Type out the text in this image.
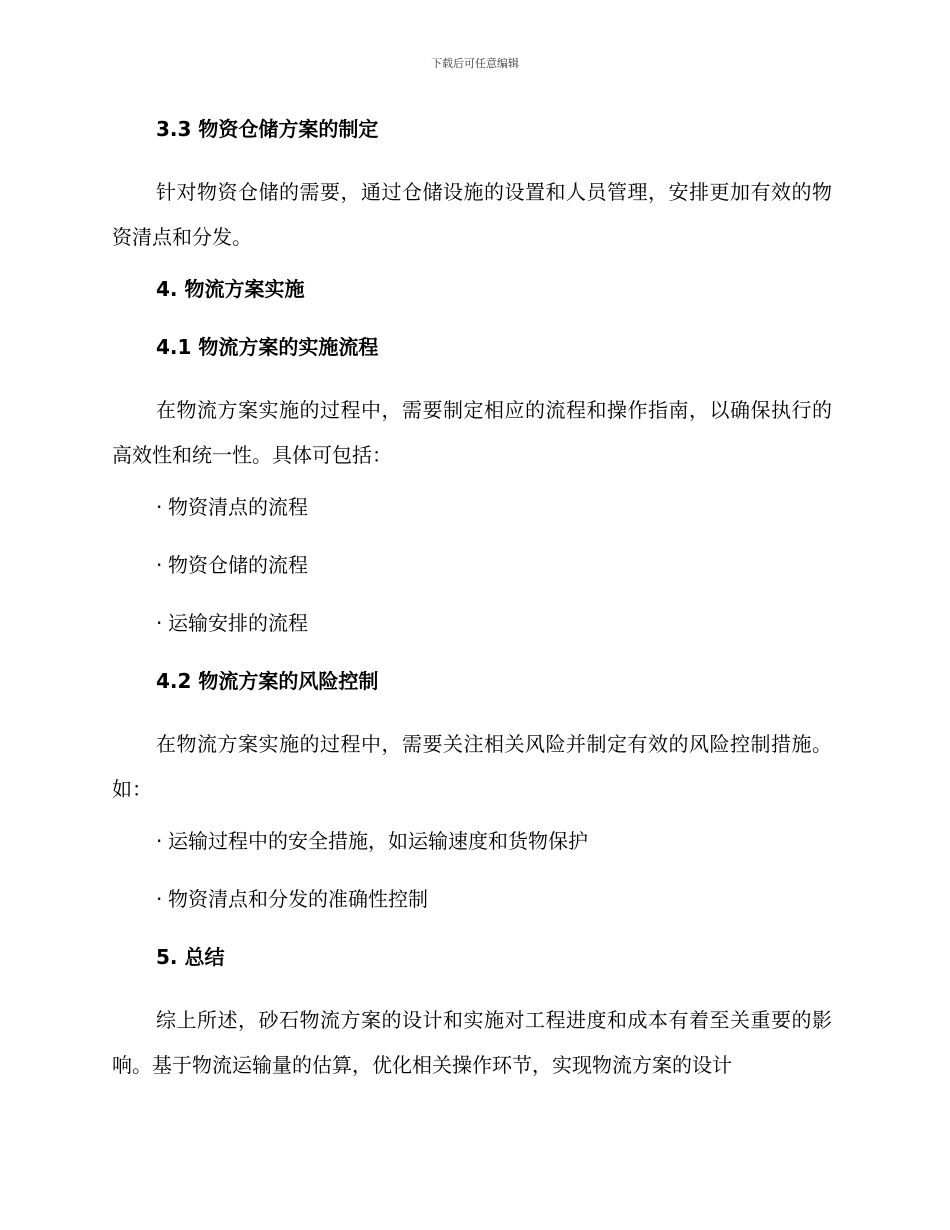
下载后可任意编辑
3.3 物资仓储方案的制定
针对物资仓储的需要，通过仓储设施的设置和人员管理，安排更加有效的物资清点和分发。
4. 物流方案实施
4.1 物流方案的实施流程
在物流方案实施的过程中，需要制定相应的流程和操作指南，以确保执行的高效性和统一性。具体可包括：
· 物资清点的流程
· 物资仓储的流程
· 运输安排的流程
4.2 物流方案的风险控制
在物流方案实施的过程中，需要关注相关风险并制定有效的风险控制措施。如：
· 运输过程中的安全措施，如运输速度和货物保护
· 物资清点和分发的准确性控制
5. 总结
综上所述，砂石物流方案的设计和实施对工程进度和成本有着至关重要的影响。基于物流运输量的估算，优化相关操作环节，实现物流方案的设计
